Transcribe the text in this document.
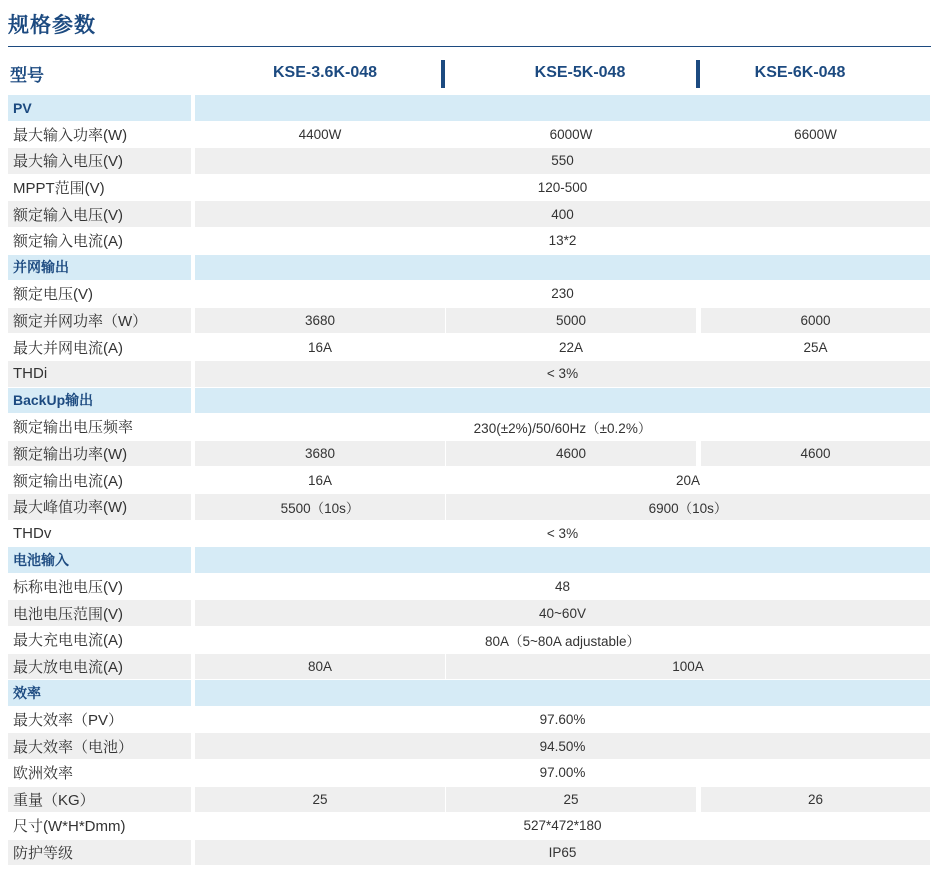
规格参数
型号	KSE-3.6K-048	KSE-5K-048	KSE-6K-048
PV
最大输入功率(W)	4400W	6000W	6600W
最大输入电压(V)	550
MPPT范围(V)	120-500
额定输入电压(V)	400
额定输入电流(A)	13*2
并网输出
额定电压(V)	230
额定并网功率（W）	3680	5000	6000
最大并网电流(A)	16A	22A	25A
THDi	< 3%
BackUp输出
额定输出电压频率	230(±2%)/50/60Hz（±0.2%）
额定输出功率(W)	3680	4600	4600
额定输出电流(A)	16A	20A
最大峰值功率(W)	5500（10s）	6900（10s）
THDv	< 3%
电池输入
标称电池电压(V)	48
电池电压范围(V)	40~60V
最大充电电流(A)	80A（5~80A adjustable）
最大放电电流(A)	80A	100A
效率
最大效率（PV）	97.60%
最大效率（电池）	94.50%
欧洲效率	97.00%
重量（KG）	25	25	26
尺寸(W*H*Dmm)	527*472*180
防护等级	IP65
